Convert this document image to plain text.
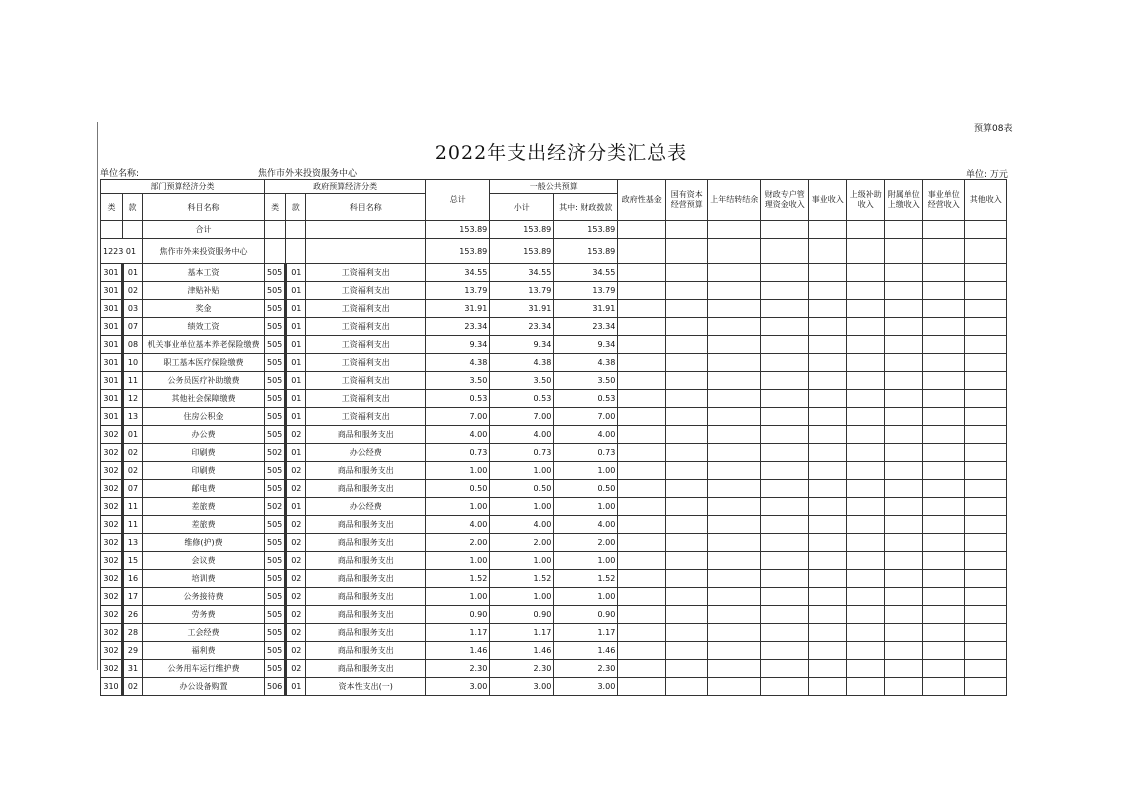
预算08表
2022年支出经济分类汇总表
单位名称:	焦作市外来投资服务中心	单位: 万元
部门预算经济分类			政府预算经济分类			总计	一般公共预算		政府性基金	国有资本经营预算	上年结转结余	财政专户管理资金收入	事业收入	上级补助收入	附属单位上缴收入	事业单位经营收入	其他收入
类	款	科目名称	类	款	科目名称		小计	其中: 财政拨款									
		合计				153.89	153.89	153.89									
1223 01		焦作市外来投资服务中心				153.89	153.89	153.89									
301	01	基本工资	505	01	工资福利支出	34.55	34.55	34.55									
301	02	津贴补贴	505	01	工资福利支出	13.79	13.79	13.79									
301	03	奖金	505	01	工资福利支出	31.91	31.91	31.91									
301	07	绩效工资	505	01	工资福利支出	23.34	23.34	23.34									
301	08	机关事业单位基本养老保险缴费	505	01	工资福利支出	9.34	9.34	9.34									
301	10	职工基本医疗保险缴费	505	01	工资福利支出	4.38	4.38	4.38									
301	11	公务员医疗补助缴费	505	01	工资福利支出	3.50	3.50	3.50									
301	12	其他社会保障缴费	505	01	工资福利支出	0.53	0.53	0.53									
301	13	住房公积金	505	01	工资福利支出	7.00	7.00	7.00									
302	01	办公费	505	02	商品和服务支出	4.00	4.00	4.00									
302	02	印刷费	502	01	办公经费	0.73	0.73	0.73									
302	02	印刷费	505	02	商品和服务支出	1.00	1.00	1.00									
302	07	邮电费	505	02	商品和服务支出	0.50	0.50	0.50									
302	11	差旅费	502	01	办公经费	1.00	1.00	1.00									
302	11	差旅费	505	02	商品和服务支出	4.00	4.00	4.00									
302	13	维修(护)费	505	02	商品和服务支出	2.00	2.00	2.00									
302	15	会议费	505	02	商品和服务支出	1.00	1.00	1.00									
302	16	培训费	505	02	商品和服务支出	1.52	1.52	1.52									
302	17	公务接待费	505	02	商品和服务支出	1.00	1.00	1.00									
302	26	劳务费	505	02	商品和服务支出	0.90	0.90	0.90									
302	28	工会经费	505	02	商品和服务支出	1.17	1.17	1.17									
302	29	福利费	505	02	商品和服务支出	1.46	1.46	1.46									
302	31	公务用车运行维护费	505	02	商品和服务支出	2.30	2.30	2.30									
310	02	办公设备购置	506	01	资本性支出(一)	3.00	3.00	3.00									
